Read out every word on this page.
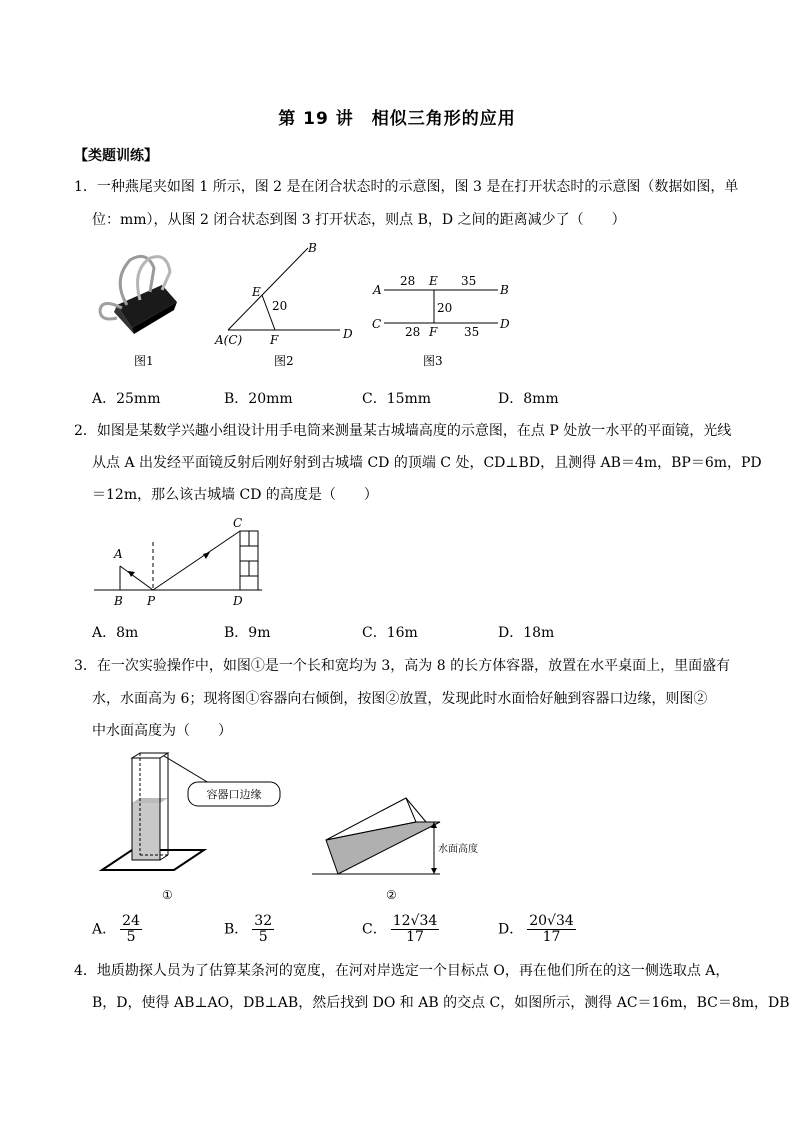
第 19 讲　相似三角形的应用
【类题训练】
1．一种燕尾夹如图 1 所示，图 2 是在闭合状态时的示意图，图 3 是在打开状态时的示意图（数据如图，单
位：mm），从图 2 闭合状态到图 3 打开状态，则点 B，D 之间的距离减少了（　　）
图1
B
E
20
A(C) F	D
图2
A
28 E 35
B
20
C
28 F 35
D
图3
A．25mm	B．20mm	C．15mm	D．8mm
2．如图是某数学兴趣小组设计用手电筒来测量某古城墙高度的示意图，在点 P 处放一水平的平面镜，光线
从点 A 出发经平面镜反射后刚好射到古城墙 CD 的顶端 C 处，CD⊥BD，且测得 AB＝4m，BP＝6m，PD
＝12m，那么该古城墙 CD 的高度是（　　）
A
B P
C
D
A．8m	B．9m	C．16m	D．18m
3．在一次实验操作中，如图①是一个长和宽均为 3，高为 8 的长方体容器，放置在水平桌面上，里面盛有
水，水面高为 6；现将图①容器向右倾倒，按图②放置，发现此时水面恰好触到容器口边缘，则图②
中水面高度为（　　）
容器口边缘
①
水面高度
②
A． $\frac{24}{5}$	B． $\frac{32}{5}$	C． $\frac{12√34}{17}$	D． $\frac{20√34}{17}$
4．地质勘探人员为了估算某条河的宽度，在河对岸选定一个目标点 O，再在他们所在的这一侧选取点 A，
B，D，使得 AB⊥AO，DB⊥AB，然后找到 DO 和 AB 的交点 C，如图所示，测得 AC＝16m，BC＝8m，DB
